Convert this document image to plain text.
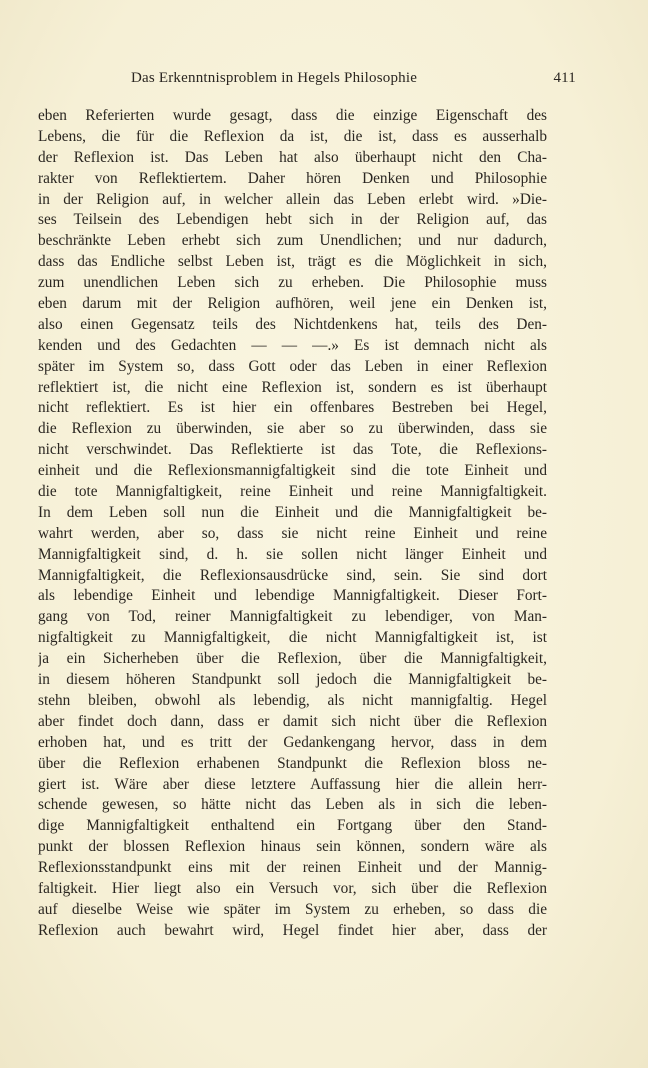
Das Erkenntnisproblem in Hegels Philosophie	411
eben Referierten wurde gesagt, dass die einzige Eigenschaft des
Lebens, die für die Reflexion da ist, die ist, dass es ausserhalb
der Reflexion ist. Das Leben hat also überhaupt nicht den Cha-
rakter von Reflektiertem. Daher hören Denken und Philosophie
in der Religion auf, in welcher allein das Leben erlebt wird. »Die-
ses Teilsein des Lebendigen hebt sich in der Religion auf, das
beschränkte Leben erhebt sich zum Unendlichen; und nur dadurch,
dass das Endliche selbst Leben ist, trägt es die Möglichkeit in sich,
zum unendlichen Leben sich zu erheben. Die Philosophie muss
eben darum mit der Religion aufhören, weil jene ein Denken ist,
also einen Gegensatz teils des Nichtdenkens hat, teils des Den-
kenden und des Gedachten — — —.» Es ist demnach nicht als
später im System so, dass Gott oder das Leben in einer Reflexion
reflektiert ist, die nicht eine Reflexion ist, sondern es ist überhaupt
nicht reflektiert. Es ist hier ein offenbares Bestreben bei Hegel,
die Reflexion zu überwinden, sie aber so zu überwinden, dass sie
nicht verschwindet. Das Reflektierte ist das Tote, die Reflexions-
einheit und die Reflexionsmannigfaltigkeit sind die tote Einheit und
die tote Mannigfaltigkeit, reine Einheit und reine Mannigfaltigkeit.
In dem Leben soll nun die Einheit und die Mannigfaltigkeit be-
wahrt werden, aber so, dass sie nicht reine Einheit und reine
Mannigfaltigkeit sind, d. h. sie sollen nicht länger Einheit und
Mannigfaltigkeit, die Reflexionsausdrücke sind, sein. Sie sind dort
als lebendige Einheit und lebendige Mannigfaltigkeit. Dieser Fort-
gang von Tod, reiner Mannigfaltigkeit zu lebendiger, von Man-
nigfaltigkeit zu Mannigfaltigkeit, die nicht Mannigfaltigkeit ist, ist
ja ein Sicherheben über die Reflexion, über die Mannigfaltigkeit,
in diesem höheren Standpunkt soll jedoch die Mannigfaltigkeit be-
stehn bleiben, obwohl als lebendig, als nicht mannigfaltig. Hegel
aber findet doch dann, dass er damit sich nicht über die Reflexion
erhoben hat, und es tritt der Gedankengang hervor, dass in dem
über die Reflexion erhabenen Standpunkt die Reflexion bloss ne-
giert ist. Wäre aber diese letztere Auffassung hier die allein herr-
schende gewesen, so hätte nicht das Leben als in sich die leben-
dige Mannigfaltigkeit enthaltend ein Fortgang über den Stand-
punkt der blossen Reflexion hinaus sein können, sondern wäre als
Reflexionsstandpunkt eins mit der reinen Einheit und der Mannig-
faltigkeit. Hier liegt also ein Versuch vor, sich über die Reflexion
auf dieselbe Weise wie später im System zu erheben, so dass die
Reflexion auch bewahrt wird, Hegel findet hier aber, dass der
